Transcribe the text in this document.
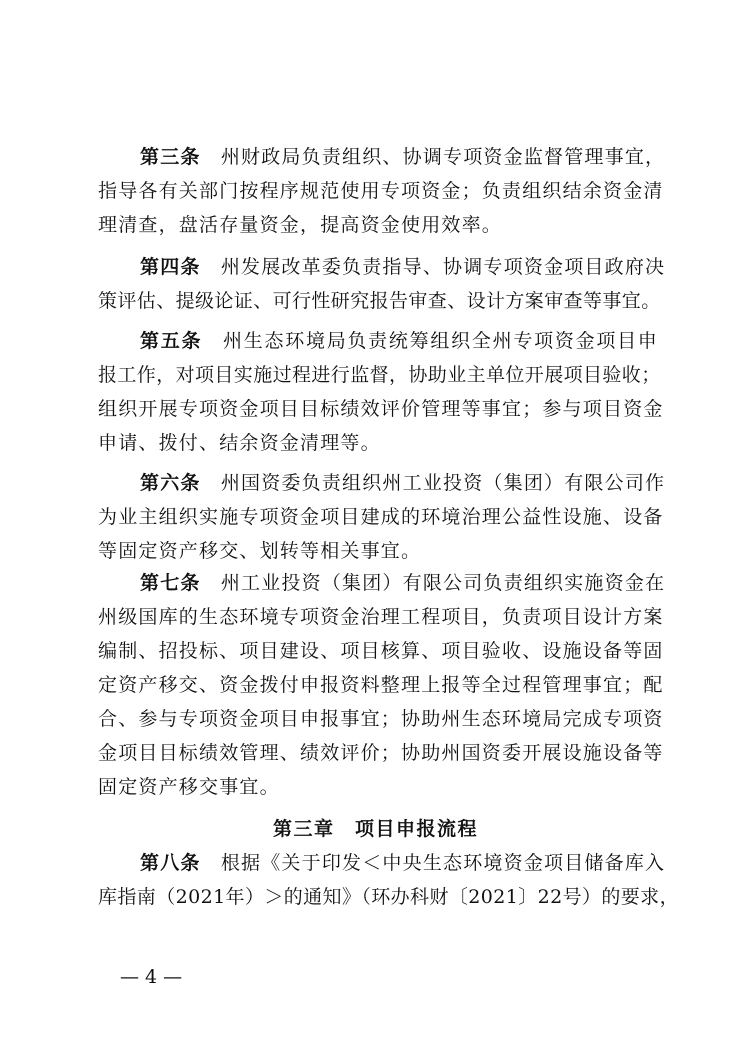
第三条　 州财政局负责组织、协调专项资金监督管理事宜，
指导各有关部门按程序规范使用专项资金；负责组织结余资金清
理清查，盘活存量资金，提高资金使用效率。
第四条　 州发展改革委负责指导、协调专项资金项目政府决
策评估、提级论证、可行性研究报告审查、设计方案审查等事宜。
第五条　 州生态环境局负责统筹组织全州专项资金项目申
报工作，对项目实施过程进行监督，协助业主单位开展项目验收；
组织开展专项资金项目目标绩效评价管理等事宜；参与项目资金
申请、拨付、结余资金清理等。
第六条　 州国资委负责组织州工业投资（集团）有限公司作
为业主组织实施专项资金项目建成的环境治理公益性设施、设备
等固定资产移交、划转等相关事宜。
第七条　 州工业投资（集团）有限公司负责组织实施资金在
州级国库的生态环境专项资金治理工程项目，负责项目设计方案
编制、招投标、项目建设、项目核算、项目验收、设施设备等固
定资产移交、资金拨付申报资料整理上报等全过程管理事宜；配
合、参与专项资金项目申报事宜；协助州生态环境局完成专项资
金项目目标绩效管理、绩效评价；协助州国资委开展设施设备等
固定资产移交事宜。
第三章　项目申报流程
第八条　 根据《关于印发＜中央生态环境资金项目储备库入
库指南（2021年）＞的通知》（环办科财〔2021〕22号）的要求，
— 4 —
